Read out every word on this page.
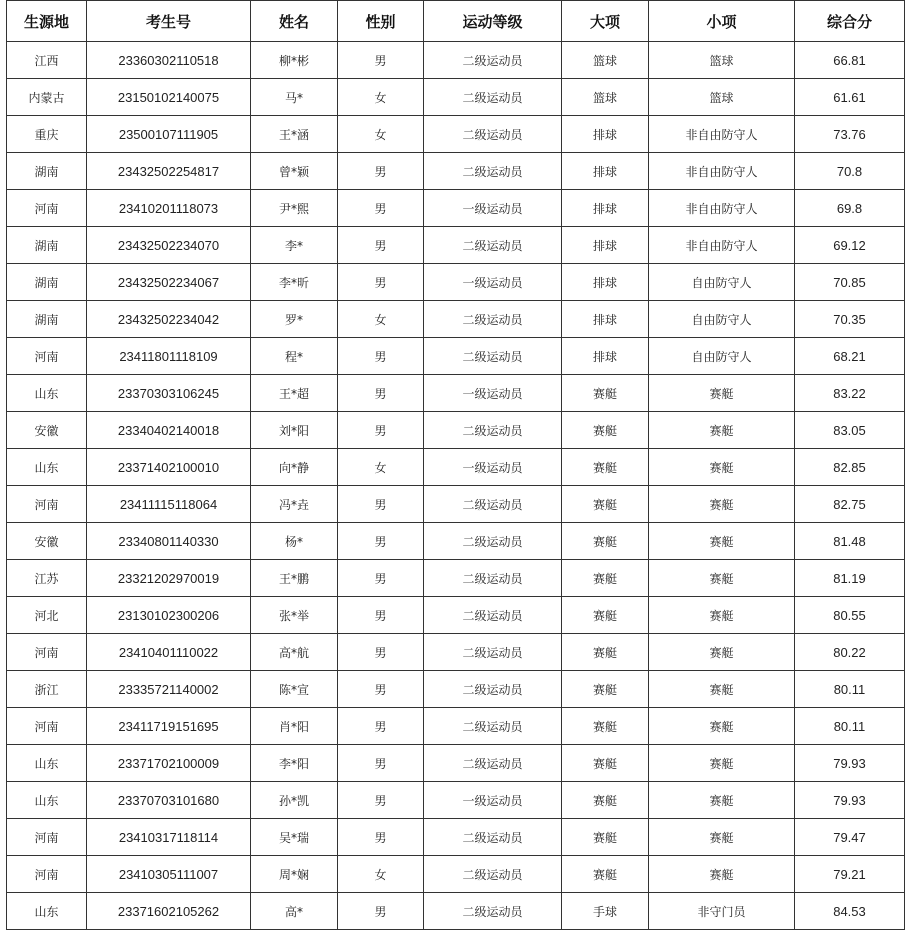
生源地	考生号	姓名	性别	运动等级	大项	小项	综合分
江西	23360302110518	柳*彬	男	二级运动员	篮球	篮球	66.81
内蒙古	23150102140075	马*	女	二级运动员	篮球	篮球	61.61
重庆	23500107111905	王*涵	女	二级运动员	排球	非自由防守人	73.76
湖南	23432502254817	曾*颖	男	二级运动员	排球	非自由防守人	70.8
河南	23410201118073	尹*熙	男	一级运动员	排球	非自由防守人	69.8
湖南	23432502234070	李*	男	二级运动员	排球	非自由防守人	69.12
湖南	23432502234067	李*昕	男	一级运动员	排球	自由防守人	70.85
湖南	23432502234042	罗*	女	二级运动员	排球	自由防守人	70.35
河南	23411801118109	程*	男	二级运动员	排球	自由防守人	68.21
山东	23370303106245	王*超	男	一级运动员	赛艇	赛艇	83.22
安徽	23340402140018	刘*阳	男	二级运动员	赛艇	赛艇	83.05
山东	23371402100010	向*静	女	一级运动员	赛艇	赛艇	82.85
河南	23411115118064	冯*垚	男	二级运动员	赛艇	赛艇	82.75
安徽	23340801140330	杨*	男	二级运动员	赛艇	赛艇	81.48
江苏	23321202970019	王*鹏	男	二级运动员	赛艇	赛艇	81.19
河北	23130102300206	张*举	男	二级运动员	赛艇	赛艇	80.55
河南	23410401110022	高*航	男	二级运动员	赛艇	赛艇	80.22
浙江	23335721140002	陈*宣	男	二级运动员	赛艇	赛艇	80.11
河南	23411719151695	肖*阳	男	二级运动员	赛艇	赛艇	80.11
山东	23371702100009	李*阳	男	二级运动员	赛艇	赛艇	79.93
山东	23370703101680	孙*凯	男	一级运动员	赛艇	赛艇	79.93
河南	23410317118114	吴*瑞	男	二级运动员	赛艇	赛艇	79.47
河南	23410305111007	周*娴	女	二级运动员	赛艇	赛艇	79.21
山东	23371602105262	高*	男	二级运动员	手球	非守门员	84.53
